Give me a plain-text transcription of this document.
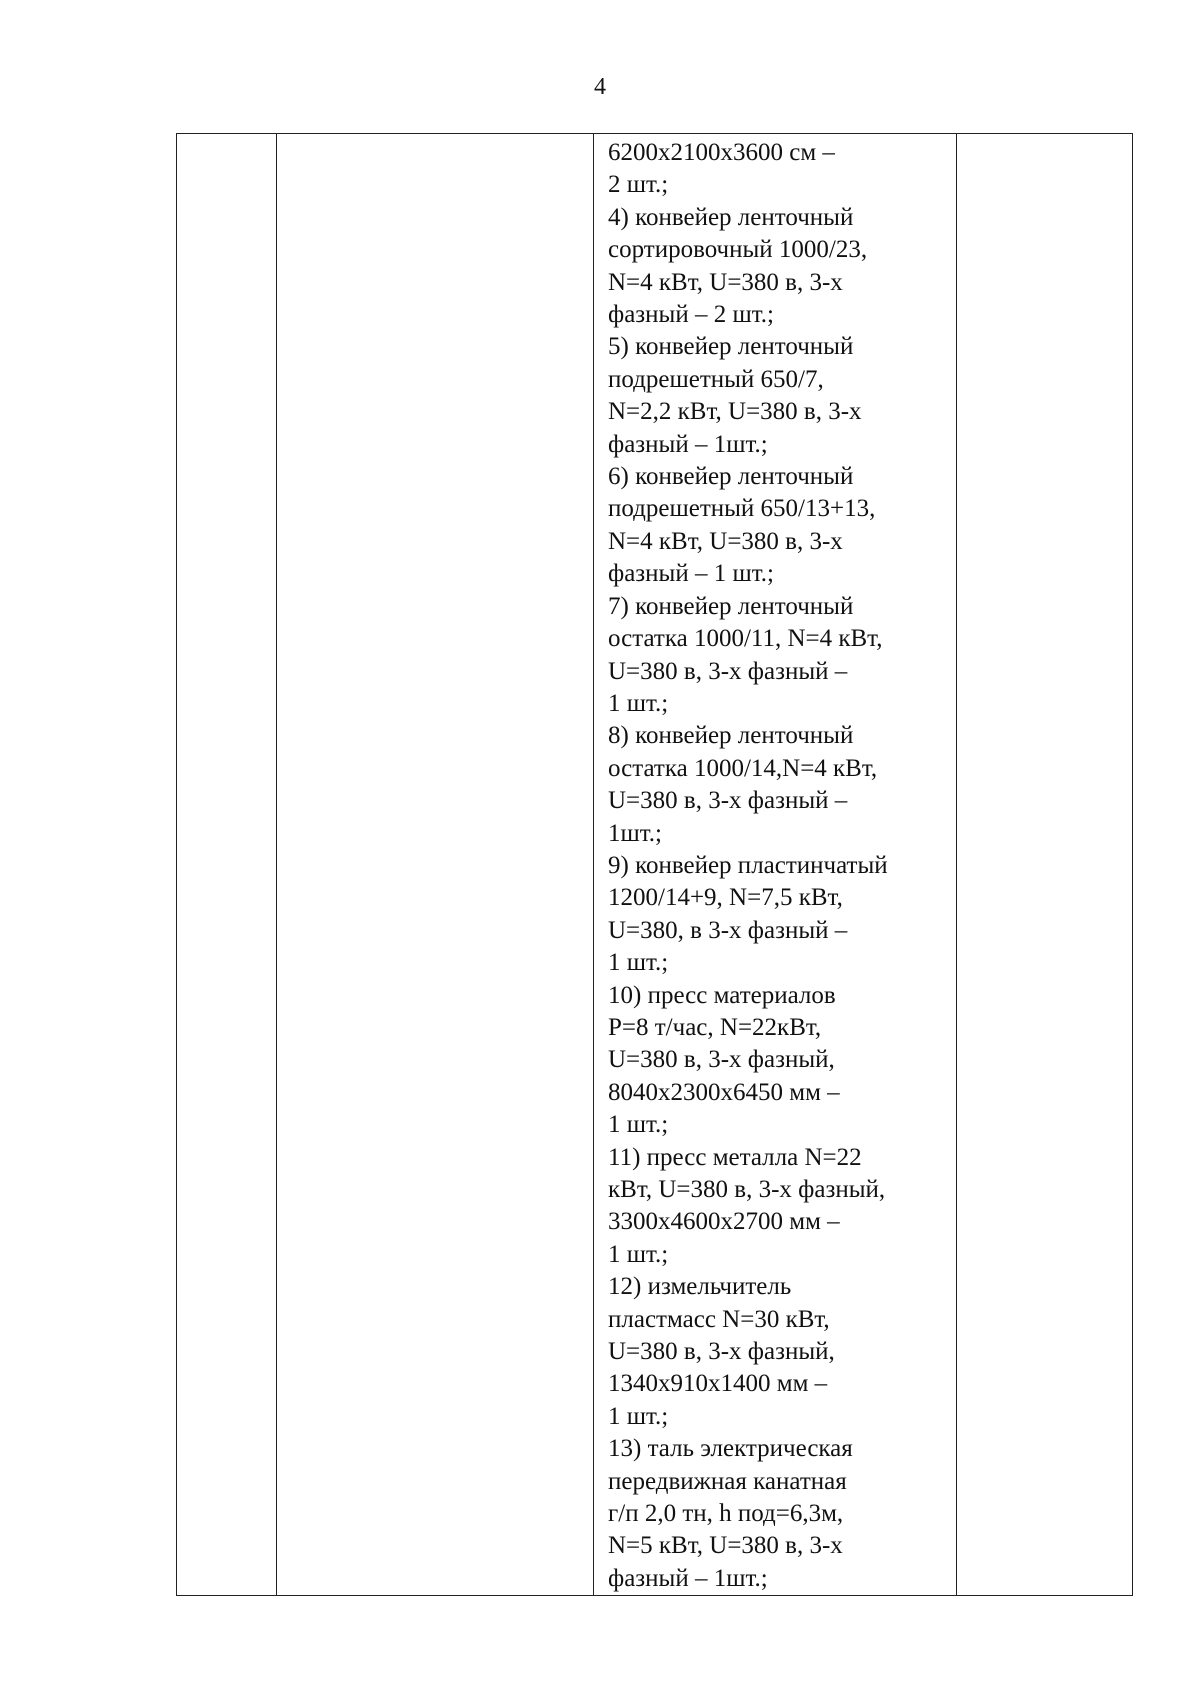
4

6200х2100х3600 см –
2 шт.;
4) конвейер ленточный
сортировочный 1000/23,
N=4 кВт, U=380 в, 3-х
фазный – 2 шт.;
5) конвейер ленточный
подрешетный 650/7,
N=2,2 кВт, U=380 в, 3-х
фазный – 1шт.;
6) конвейер ленточный
подрешетный 650/13+13,
N=4 кВт, U=380 в, 3-х
фазный – 1 шт.;
7) конвейер ленточный
остатка 1000/11, N=4 кВт,
U=380 в, 3-х фазный –
1 шт.;
8) конвейер ленточный
остатка 1000/14,N=4 кВт,
U=380 в, 3-х фазный –
1шт.;
9) конвейер пластинчатый
1200/14+9, N=7,5 кВт,
U=380, в 3-х фазный –
1 шт.;
10) пресс материалов
P=8 т/час, N=22кВт,
U=380 в, 3-х фазный,
8040х2300х6450 мм –
1 шт.;
11) пресс металла N=22
кВт, U=380 в, 3-х фазный,
3300х4600х2700 мм –
1 шт.;
12) измельчитель
пластмасс N=30 кВт,
U=380 в, 3-х фазный,
1340х910х1400 мм –
1 шт.;
13) таль электрическая
передвижная канатная
г/п 2,0 тн, h под=6,3м,
N=5 кВт, U=380 в, 3-х
фазный – 1шт.;
